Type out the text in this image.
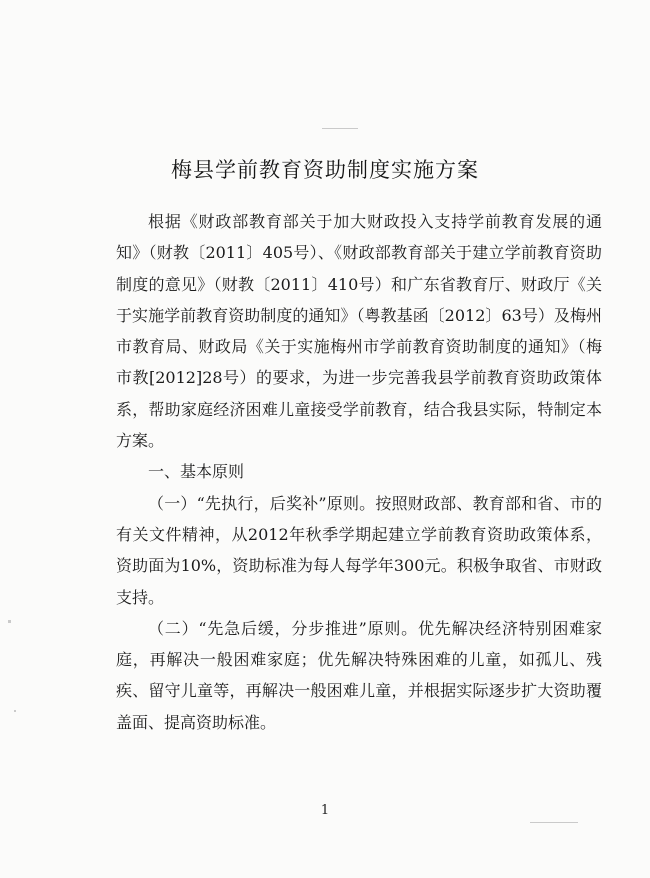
梅县学前教育资助制度实施方案

根据《财政部教育部关于加大财政投入支持学前教育发展的通知》（财教〔2011〕405号）、《财政部教育部关于建立学前教育资助制度的意见》（财教〔2011〕410号）和广东省教育厅、财政厅《关于实施学前教育资助制度的通知》（粤教基函〔2012〕63号）及梅州市教育局、财政局《关于实施梅州市学前教育资助制度的通知》（梅市教[2012]28号）的要求，为进一步完善我县学前教育资助政策体系，帮助家庭经济困难儿童接受学前教育，结合我县实际，特制定本方案。

一、基本原则

（一）“先执行，后奖补”原则。按照财政部、教育部和省、市的有关文件精神，从2012年秋季学期起建立学前教育资助政策体系，资助面为10%，资助标准为每人每学年300元。积极争取省、市财政支持。

（二）“先急后缓，分步推进”原则。优先解决经济特别困难家庭，再解决一般困难家庭；优先解决特殊困难的儿童，如孤儿、残疾、留守儿童等，再解决一般困难儿童，并根据实际逐步扩大资助覆盖面、提高资助标准。

1
